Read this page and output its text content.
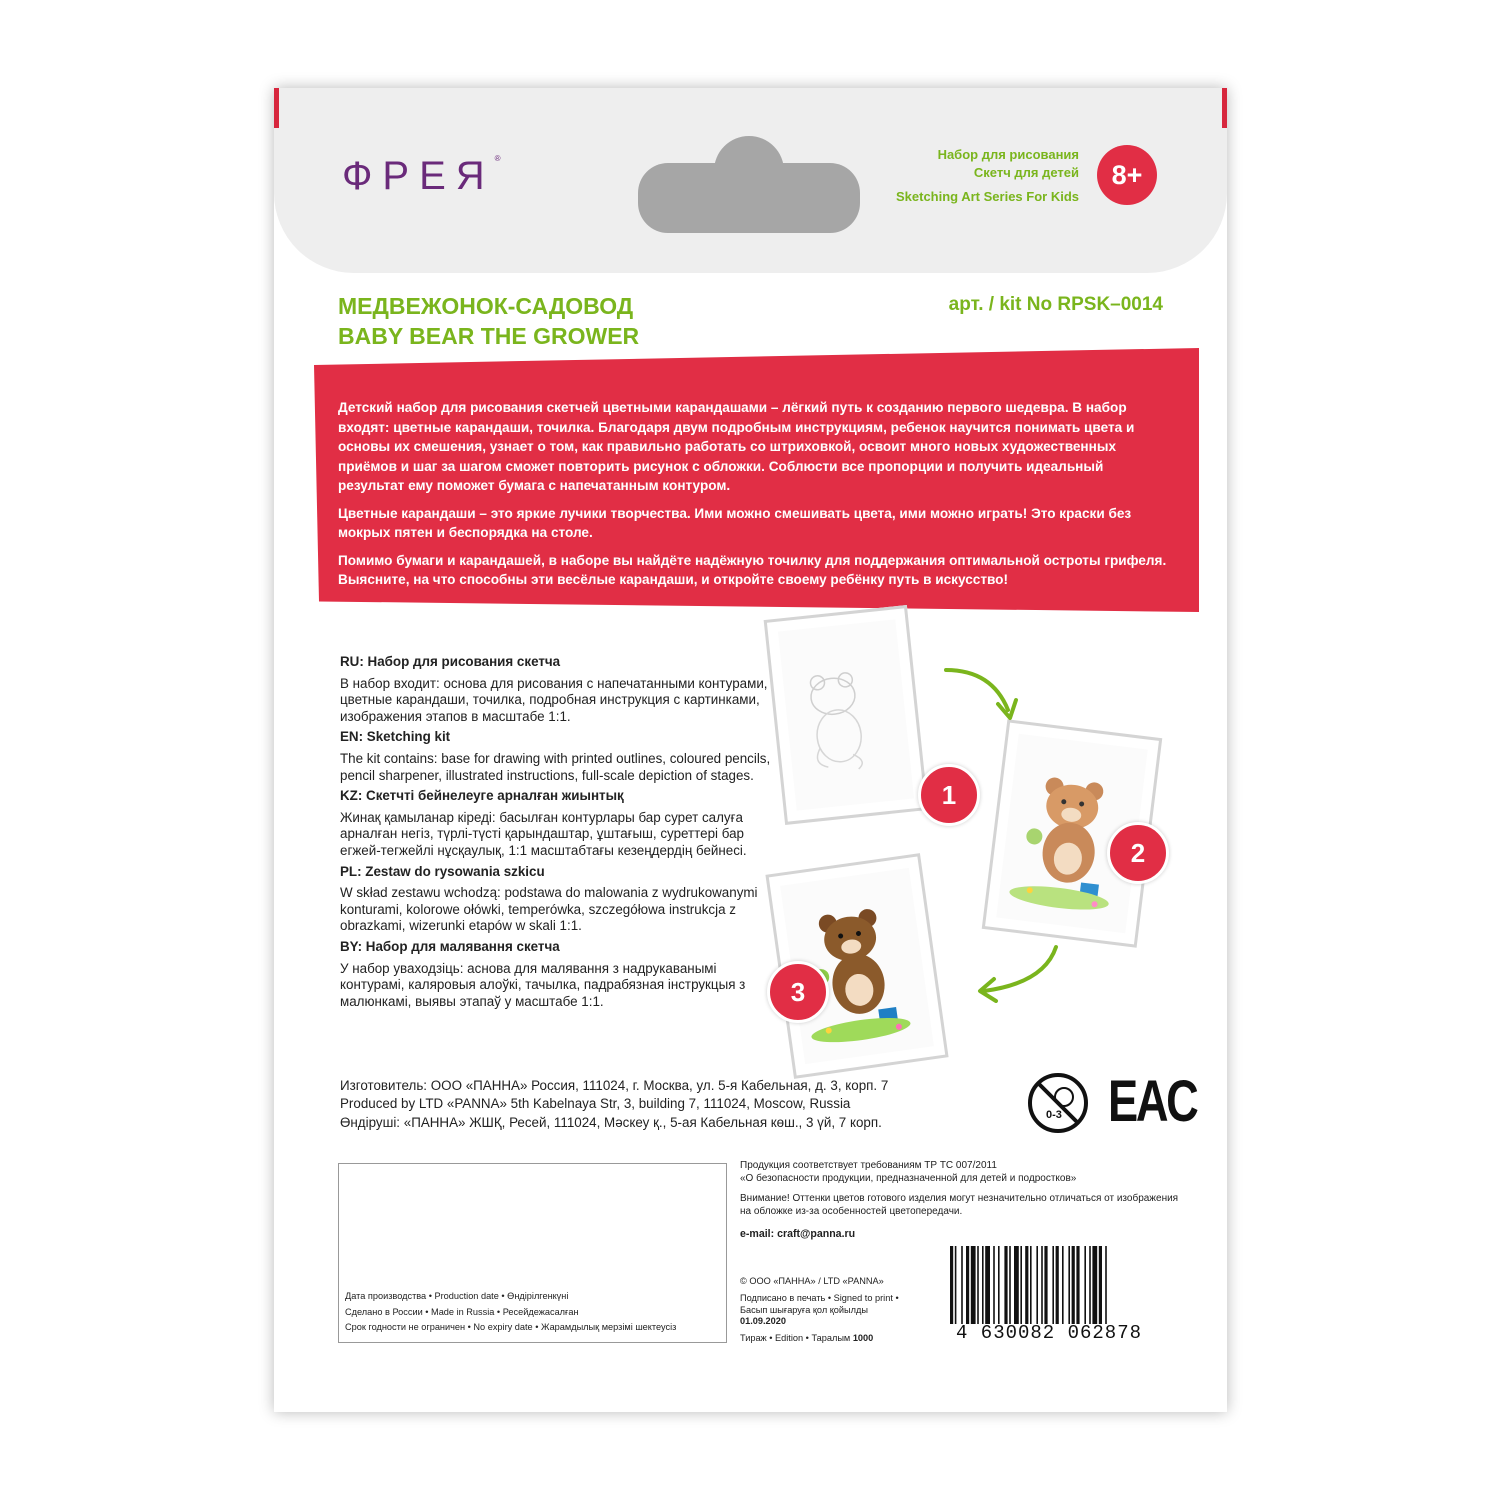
ФРЕЯ®	Набор для рисования
Скетч для детей
Sketching Art Series For Kids
8+
МЕДВЕЖОНОК-САДОВОД
BABY BEAR THE GROWER
арт. / kit No RPSK–0014

Детский набор для рисования скетчей цветными карандашами – лёгкий путь к созданию первого шедевра. В набор входят: цветные карандаши, точилка. Благодаря двум подробным инструкциям, ребенок научится понимать цвета и основы их смешения, узнает о том, как правильно работать со штриховкой, освоит много новых художественных приёмов и шаг за шагом сможет повторить рисунок с обложки. Соблюсти все пропорции и получить идеальный результат ему поможет бумага с напечатанным контуром.

Цветные карандаши – это яркие лучики творчества. Ими можно смешивать цвета, ими можно играть! Это краски без мокрых пятен и беспорядка на столе.

Помимо бумаги и карандашей, в наборе вы найдёте надёжную точилку для поддержания оптимальной остроты грифеля. Выясните, на что способны эти весёлые карандаши, и откройте своему ребёнку путь в искусство!

RU: Набор для рисования скетча
В набор входит: основа для рисования с напечатанными контурами, цветные карандаши, точилка, подробная инструкция с картинками, изображения этапов в масштабе 1:1.
EN: Sketching kit
The kit contains: base for drawing with printed outlines, coloured pencils, pencil sharpener, illustrated instructions, full-scale depiction of stages.
KZ: Скетчті бейнелеуге арналған жиынтық
Жинақ қамыланар кіреді: басылған контурлары бар сурет салуға арналған негіз, түрлі-түсті қарындаштар, ұштағыш, суреттері бар егжей-тегжейлі нұсқаулық, 1:1 масштабтағы кезеңдердің бейнесі.
PL: Zestaw do rysowania szkicu
W skład zestawu wchodzą: podstawa do malowania z wydrukowanymi konturami, kolorowe ołówki, temperówka, szczegółowa instrukcja z obrazkami, wizerunki etapów w skali 1:1.
BY: Набор для малявання скетча
У набор уваходзіць: аснова для малявання з надрукаванымі контурамі, каляровыя алоўкі, тачылка, падрабязная інструкцыя з малюнкамі, выявы этапаў у масштабе 1:1.
Изготовитель: ООО «ПАННА» Россия, 111024, г. Москва, ул. 5-я Кабельная, д. 3, корп. 7
Produced by LTD «PANNA» 5th Kabelnaya Str, 3, building 7, 111024, Moscow, Russia
Өндіруші: «ПАННА» ЖШҚ, Ресей, 111024, Мәскеу қ., 5-ая Кабельная көш., 3 үй, 7 корп.
1
2
3
0-3 EAC
Дата производства • Production date • Өндірілгенкүні
Сделано в России • Made in Russia • Ресейдежасалған
Срок годности не ограничен • No expiry date • Жарамдылық мерзімі шектеусіз

Продукция соответствует требованиям ТР ТС 007/2011
«О безопасности продукции, предназначенной для детей и подростков»

Внимание! Оттенки цветов готового изделия могут незначительно отличаться от изображения на обложке из-за особенностей цветопередачи.

e-mail: craft@panna.ru

© ООО «ПАННА» / LTD «PANNA»

Подписано в печать • Signed to print •
Басып шығаруға қол қойылды
01.09.2020

Тираж • Edition • Таралым 1000	4 630082 062878
